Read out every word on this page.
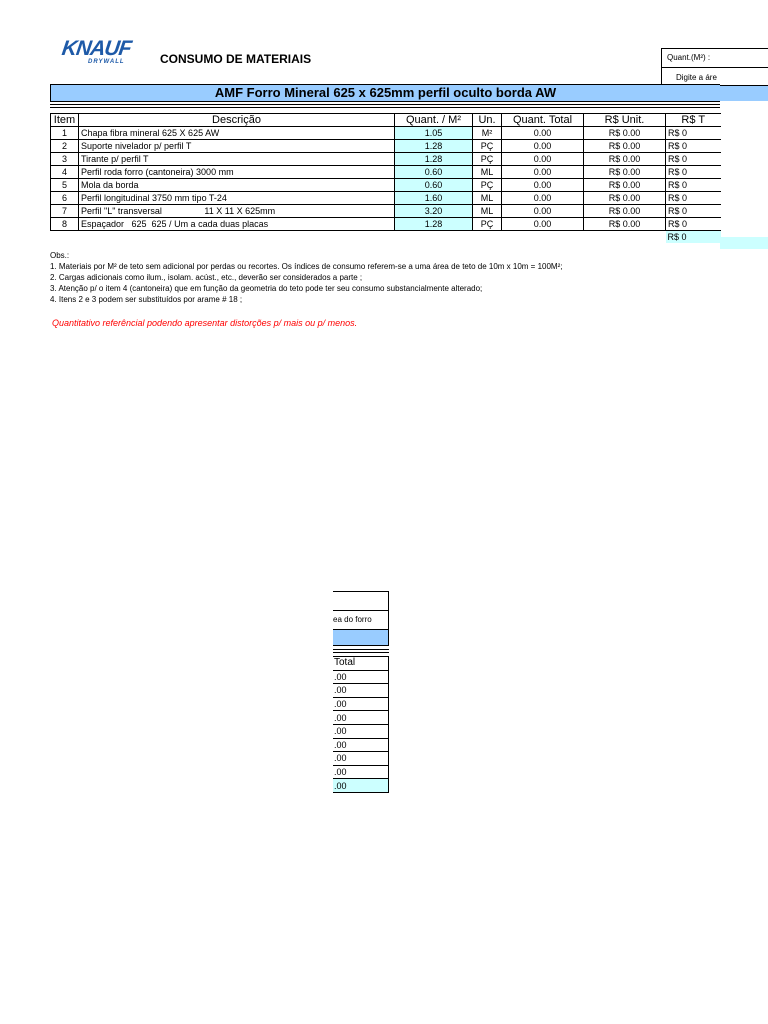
KNAUF
DRYWALL	CONSUMO DE MATERIAIS	Quant.(M²) :
Digite a áre
AMF Forro Mineral 625 x 625mm perfil oculto borda AW
Item	Descrição	Quant. / M²	Un.	Quant. Total	R$ Unit.	R$ T
1	Chapa fibra mineral 625 X 625 AW	1.05	M²	0.00	R$ 0.00	R$ 0
2	Suporte nivelador p/ perfil T	1.28	PÇ	0.00	R$ 0.00	R$ 0
3	Tirante p/ perfil T	1.28	PÇ	0.00	R$ 0.00	R$ 0
4	Perfil roda forro (cantoneira) 3000 mm	0.60	ML	0.00	R$ 0.00	R$ 0
5	Mola da borda	0.60	PÇ	0.00	R$ 0.00	R$ 0
6	Perfil longitudinal 3750 mm tipo T-24	1.60	ML	0.00	R$ 0.00	R$ 0
7	Perfil "L" transversal                 11 X 11 X 625mm	3.20	ML	0.00	R$ 0.00	R$ 0
8	Espaçador   625  625 / Um a cada duas placas	1.28	PÇ	0.00	R$ 0.00	R$ 0
						R$ 0
Obs.:
1. Materiais por M² de teto sem adicional por perdas ou recortes. Os índices de consumo referem-se a uma área de teto de 10m x 10m = 100M²;
2. Cargas adicionais como ilum., isolam. acúst., etc., deverão ser considerados a parte ;
3. Atenção p/ o item 4 (cantoneira) que em função da geometria do teto pode ter seu consumo substancialmente alterado;
4. Itens 2 e 3 podem ser substituídos por arame # 18 ;
Quantitativo referêncial podendo apresentar distorções p/ mais ou p/ menos.
ea do forro
Total
.00
.00
.00
.00
.00
.00
.00
.00
.00
